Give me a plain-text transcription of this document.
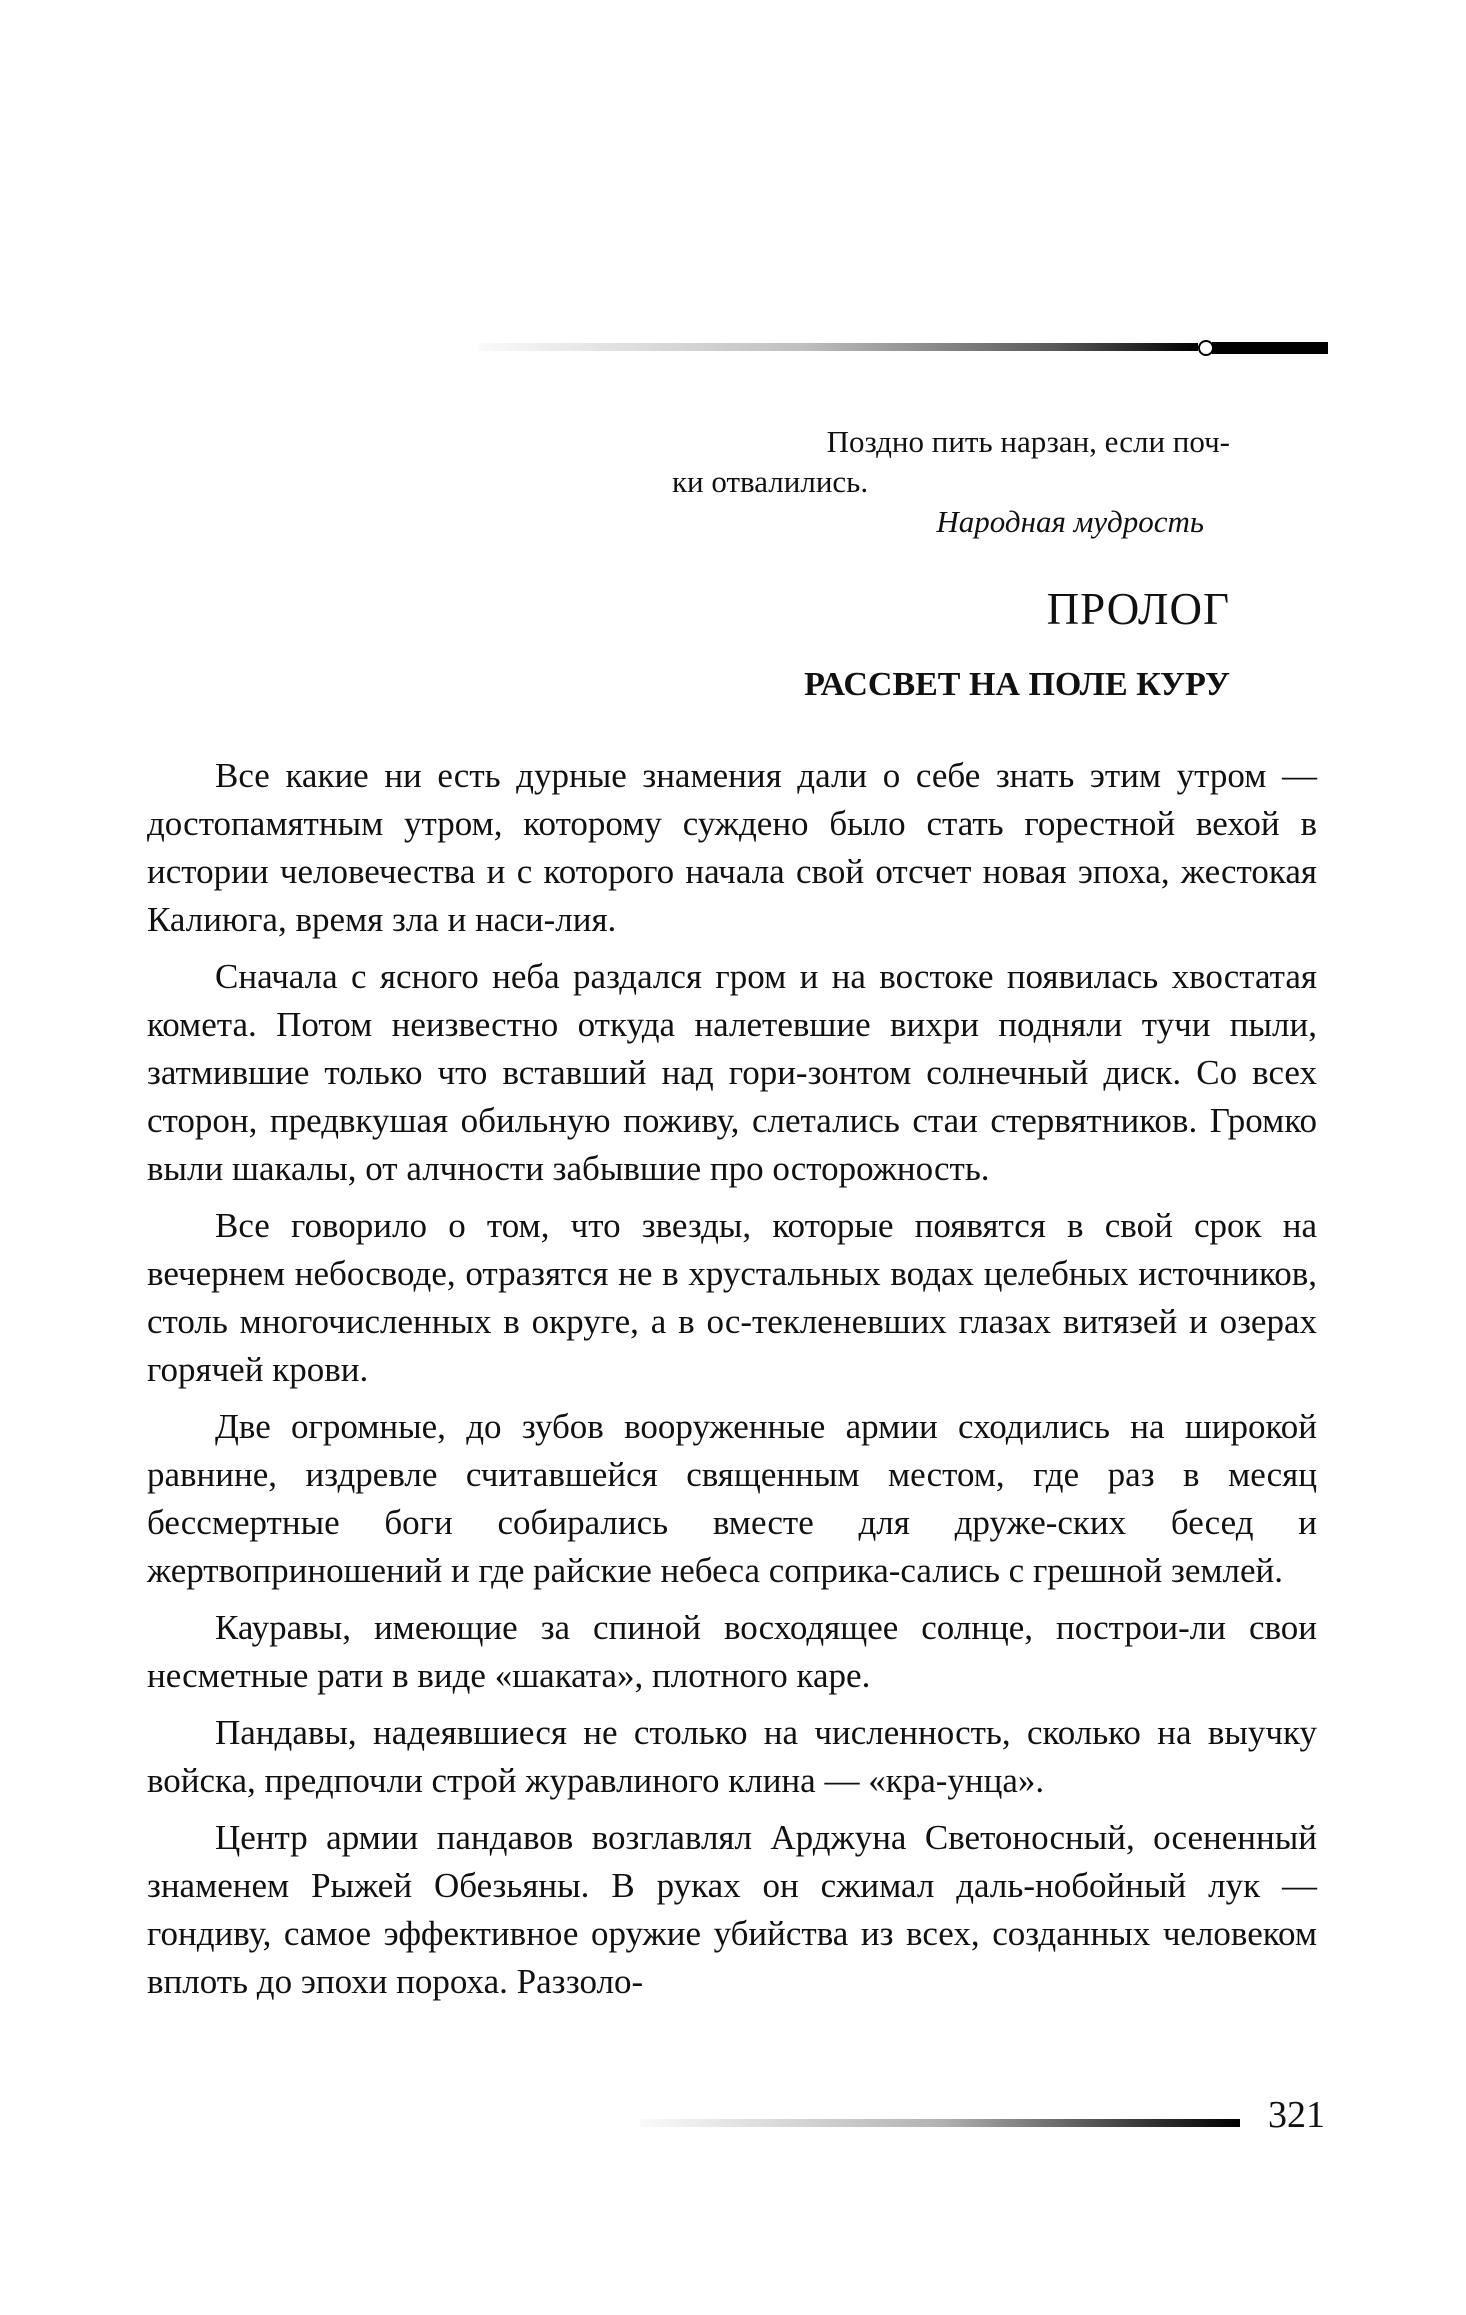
Поздно пить нарзан, если поч-
ки отвалились.
Народная мудрость
ПРОЛОГ
РАССВЕТ НА ПОЛЕ КУРУ

Все какие ни есть дурные знамения дали о себе знать этим утром — достопамятным утром, которому суждено было стать горестной вехой в истории человечества и с которого начала свой отсчет новая эпоха, жестокая Калиюга, время зла и наси-лия.

Сначала с ясного неба раздался гром и на востоке появилась хвостатая комета. Потом неизвестно откуда налетевшие вихри подняли тучи пыли, затмившие только что вставший над гори-зонтом солнечный диск. Со всех сторон, предвкушая обильную поживу, слетались стаи стервятников. Громко выли шакалы, от алчности забывшие про осторожность.

Все говорило о том, что звезды, которые появятся в свой срок на вечернем небосводе, отразятся не в хрустальных водах целебных источников, столь многочисленных в округе, а в ос-текленевших глазах витязей и озерах горячей крови.

Две огромные, до зубов вооруженные армии сходились на широкой равнине, издревле считавшейся священным местом, где раз в месяц бессмертные боги собирались вместе для друже-ских бесед и жертвоприношений и где райские небеса соприка-сались с грешной землей.

Кауравы, имеющие за спиной восходящее солнце, построи-ли свои несметные рати в виде «шаката», плотного каре.

Пандавы, надеявшиеся не столько на численность, сколько на выучку войска, предпочли строй журавлиного клина — «кра-унца».

Центр армии пандавов возглавлял Арджуна Светоносный, осененный знаменем Рыжей Обезьяны. В руках он сжимал даль-нобойный лук — гондиву, самое эффективное оружие убийства из всех, созданных человеком вплоть до эпохи пороха. Раззоло-

321
